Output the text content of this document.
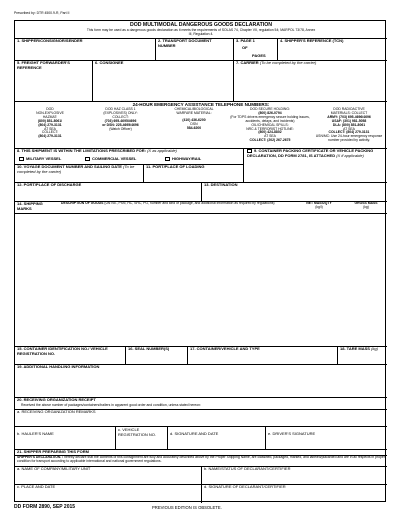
Prescribed by: DTR 4500.9-R, Part II
DOD MULTIMODAL DANGEROUS GOODS DECLARATION
This form may be used as a dangerous goods declaration as it meets the requirements of SOLAS 74, Chapter VII, regulation 54; MARPOL 73/78, Annex III, Regulation 4.
1. SHIPPER/CONSIGNOR/SENDER	2. TRANSPORT DOCUMENT NUMBER
3. PAGE 1
OF
PAGES
4. SHIPPER'S REFERENCE (TCN)
5. FREIGHT FORWARDER'S REFERENCE
6. CONSIGNEE	7. CARRIER (To be completed by the carrier)
24-HOUR EMERGENCY ASSISTANCE TELEPHONE NUMBERS:
DOD
NON-EXPLOSIVE
HAZMAT:
(800) 851-8061/
(804) 279-3131
AT SEA
COLLECT:
(804) 279-3131
DOD HAZ CLASS 1
(EXPLOSIVES) ONLY:
COLLECT:
(703) 695-4695/4696
or DSN: 225-4695/4696
(Watch Officer)
CHEMICAL/BIOLOGICAL
WARFARE MATERIAL:
(410) 436-6200
DSN
584-6200
DOD SECURE HOLDING:
(800) 826-0794
(For TDPS drivers emergency secure holding issues, accidents, delays, and incidents)
OIL/CHEMICAL SPILLS:
NRC & TERRORIST HOTLINE:
(800) 424-8802
AT SEA
COLLECT: (202) 267-2675
DOD RADIOACTIVE
MATERIALS: COLLECT
ARMY: (703) 695-4696/4696
USAF: (301) 981-5058
DLA: (800) 851-8061
AT SEA
COLLECT: (804) 279-3131
USN/MC: Use 24-hour emergency response number provided by activity.
8. THIS SHIPMENT IS WITHIN THE LIMITATIONS PRESCRIBED FOR: (X as applicable)
MILITARY VESSEL	COMMERCIAL VESSEL	HIGHWAY/RAIL
9. CONTAINER PACKING CERTIFICATE OR VEHICLE PACKING DECLARATION, DD FORM 2781, IS ATTACHED (X if applicable)
10. VOYAGE DOCUMENT NUMBER AND SAILING DATE (To be completed by the carrier)
11. PORT/PLACE OF LOADING
12. PORT/PLACE OF DISCHARGE	13. DESTINATION
14. SHIPPING MARKS
DESCRIPTION OF GOODS (UN No., PSN, HC, SHC, PG, number and kind of package, and additional information as required by regulations)	NET MASS/QTY
(kg/l)
GROSS MASS
(kg)
15. CONTAINER IDENTIFICATION NO./ VEHICLE REGISTRATION NO.
16. SEAL NUMBER(S)	17. CONTAINER/VEHICLE AND TYPE	18. TARE MASS (kg)
19. ADDITIONAL HANDLING INFORMATION
20. RECEIVING ORGANIZATION RECEIPT
Received the above number of packages/containers/trailers in apparent good order and condition, unless stated hereon:
a. RECEIVING ORGANIZATION REMARKS
b. HAULER'S NAME
c. VEHICLE REGISTRATION NO.	d. SIGNATURE AND DATE	e. DRIVER'S SIGNATURE
21. SHIPPER PREPARING THIS FORM
SHIPPER'S DECLARATION. I hereby declare that the contents of this consignment are fully and accurately described above by the Proper Shipping Name, are classified, packaged, marked, and labeled/placarded and are in all respects in proper condition for transport according to applicable international and national government regulations.
a. NAME OF COMPANY/MILITARY UNIT	b. NAME/STATUS OF DECLARANT/CERTIFIER
c. PLACE AND DATE	d. SIGNATURE OF DECLARANT/CERTIFIER
DD FORM 2890, SEP 2015	PREVIOUS EDITION IS OBSOLETE.
